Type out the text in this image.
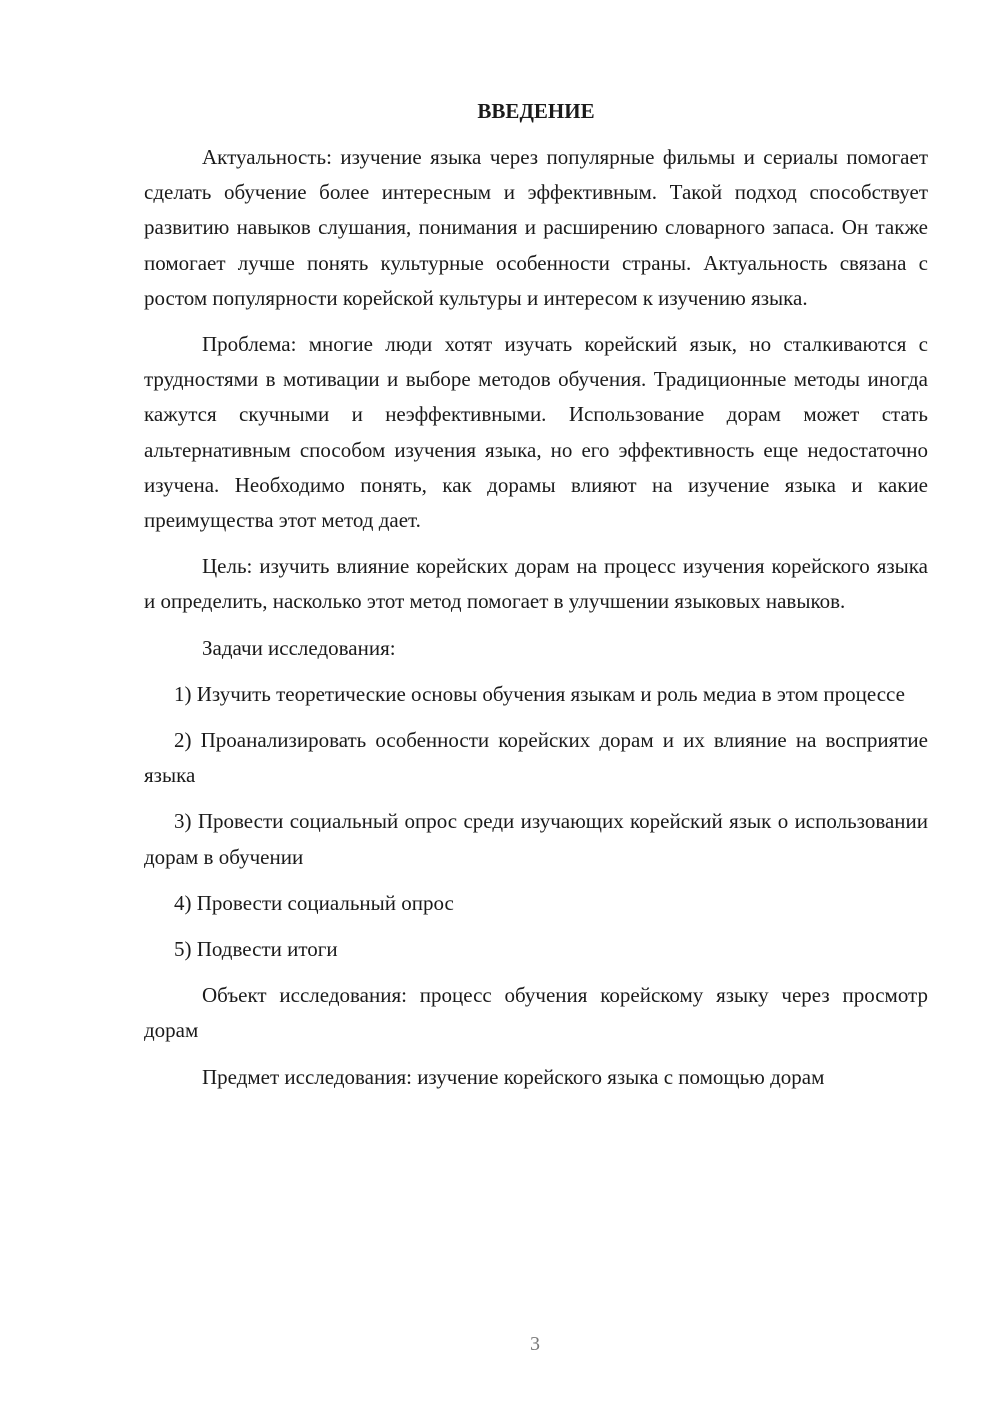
ВВЕДЕНИЕ

Актуальность: изучение языка через популярные фильмы и сериалы помогает сделать обучение более интересным и эффективным. Такой подход способствует развитию навыков слушания, понимания и расширению словарного запаса. Он также помогает лучше понять культурные особенности страны. Актуальность связана с ростом популярности корейской культуры и интересом к изучению языка.

Проблема: многие люди хотят изучать корейский язык, но сталкиваются с трудностями в мотивации и выборе методов обучения. Традиционные методы иногда кажутся скучными и неэффективными. Использование дорам может стать альтернативным способом изучения языка, но его эффективность еще недостаточно изучена. Необходимо понять, как дорамы влияют на изучение языка и какие преимущества этот метод дает.

Цель: изучить влияние корейских дорам на процесс изучения корейского языка и определить, насколько этот метод помогает в улучшении языковых навыков.

Задачи исследования:

1) Изучить теоретические основы обучения языкам и роль медиа в этом процессе

2) Проанализировать особенности корейских дорам и их влияние на восприятие языка

3) Провести социальный опрос среди изучающих корейский язык о использовании дорам в обучении

4) Провести социальный опрос

5) Подвести итоги

Объект исследования: процесс обучения корейскому языку через просмотр дорам

Предмет исследования: изучение корейского языка с помощью дорам

3
